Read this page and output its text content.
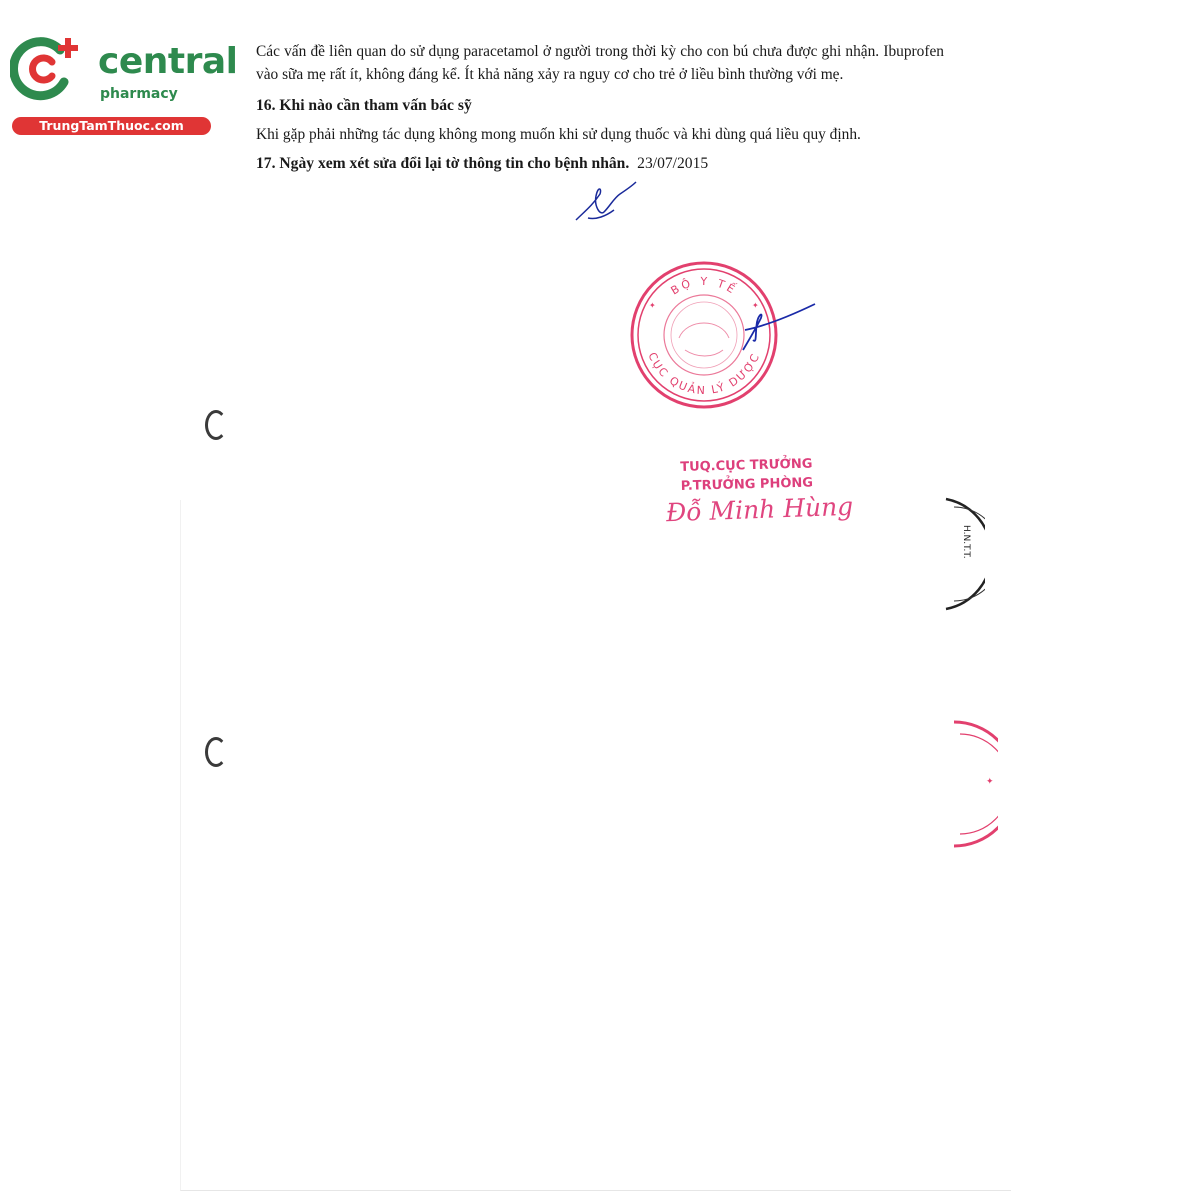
central
pharmacy
TrungTamThuoc.com

Các vấn đề liên quan do sử dụng paracetamol ở người trong thời kỳ cho con bú chưa được ghi nhận. Ibuprofen vào sữa mẹ rất ít, không đáng kể. Ít khả năng xảy ra nguy cơ cho trẻ ở liều bình thường với mẹ.

16. Khi nào cần tham vấn bác sỹ

Khi gặp phải những tác dụng không mong muốn khi sử dụng thuốc và khi dùng quá liều quy định.

17. Ngày xem xét sửa đổi lại tờ thông tin cho bệnh nhân. 23/07/2015
BỘ Y TẾ
CỤC QUẢN LÝ DƯỢC
✦	✦
TUQ.CỤC TRƯỞNG
P.TRƯỞNG PHÒNG
Đỗ Minh Hùng
H.N.T.T.
✦
